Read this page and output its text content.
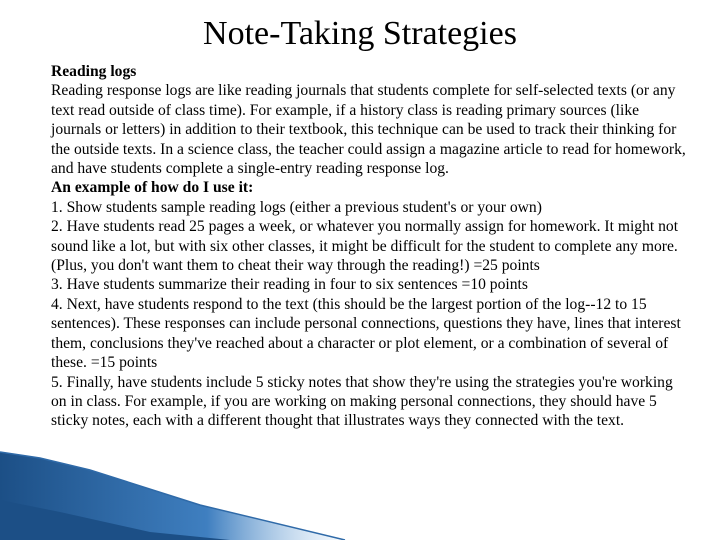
Note-Taking Strategies

Reading logs

Reading response logs are like reading journals that students complete for self-selected texts (or any text read outside of class time). For example, if a history class is reading primary sources (like journals or letters) in addition to their textbook, this technique can be used to track their thinking for the outside texts. In a science class, the teacher could assign a magazine article to read for homework, and have students complete a single-entry reading response log.

An example of how do I use it:

1. Show students sample reading logs (either a previous student's or your own)

2. Have students read 25 pages a week, or whatever you normally assign for homework. It might not sound like a lot, but with six other classes, it might be difficult for the student to complete any more. (Plus, you don't want them to cheat their way through the reading!) =25 points

3. Have students summarize their reading in four to six sentences =10 points

4. Next, have students respond to the text (this should be the largest portion of the log--12 to 15 sentences). These responses can include personal connections, questions they have, lines that interest them, conclusions they've reached about a character or plot element, or a combination of several of these. =15 points

5. Finally, have students include 5 sticky notes that show they're using the strategies you're working on in class. For example, if you are working on making personal connections, they should have 5 sticky notes, each with a different thought that illustrates ways they connected with the text.
